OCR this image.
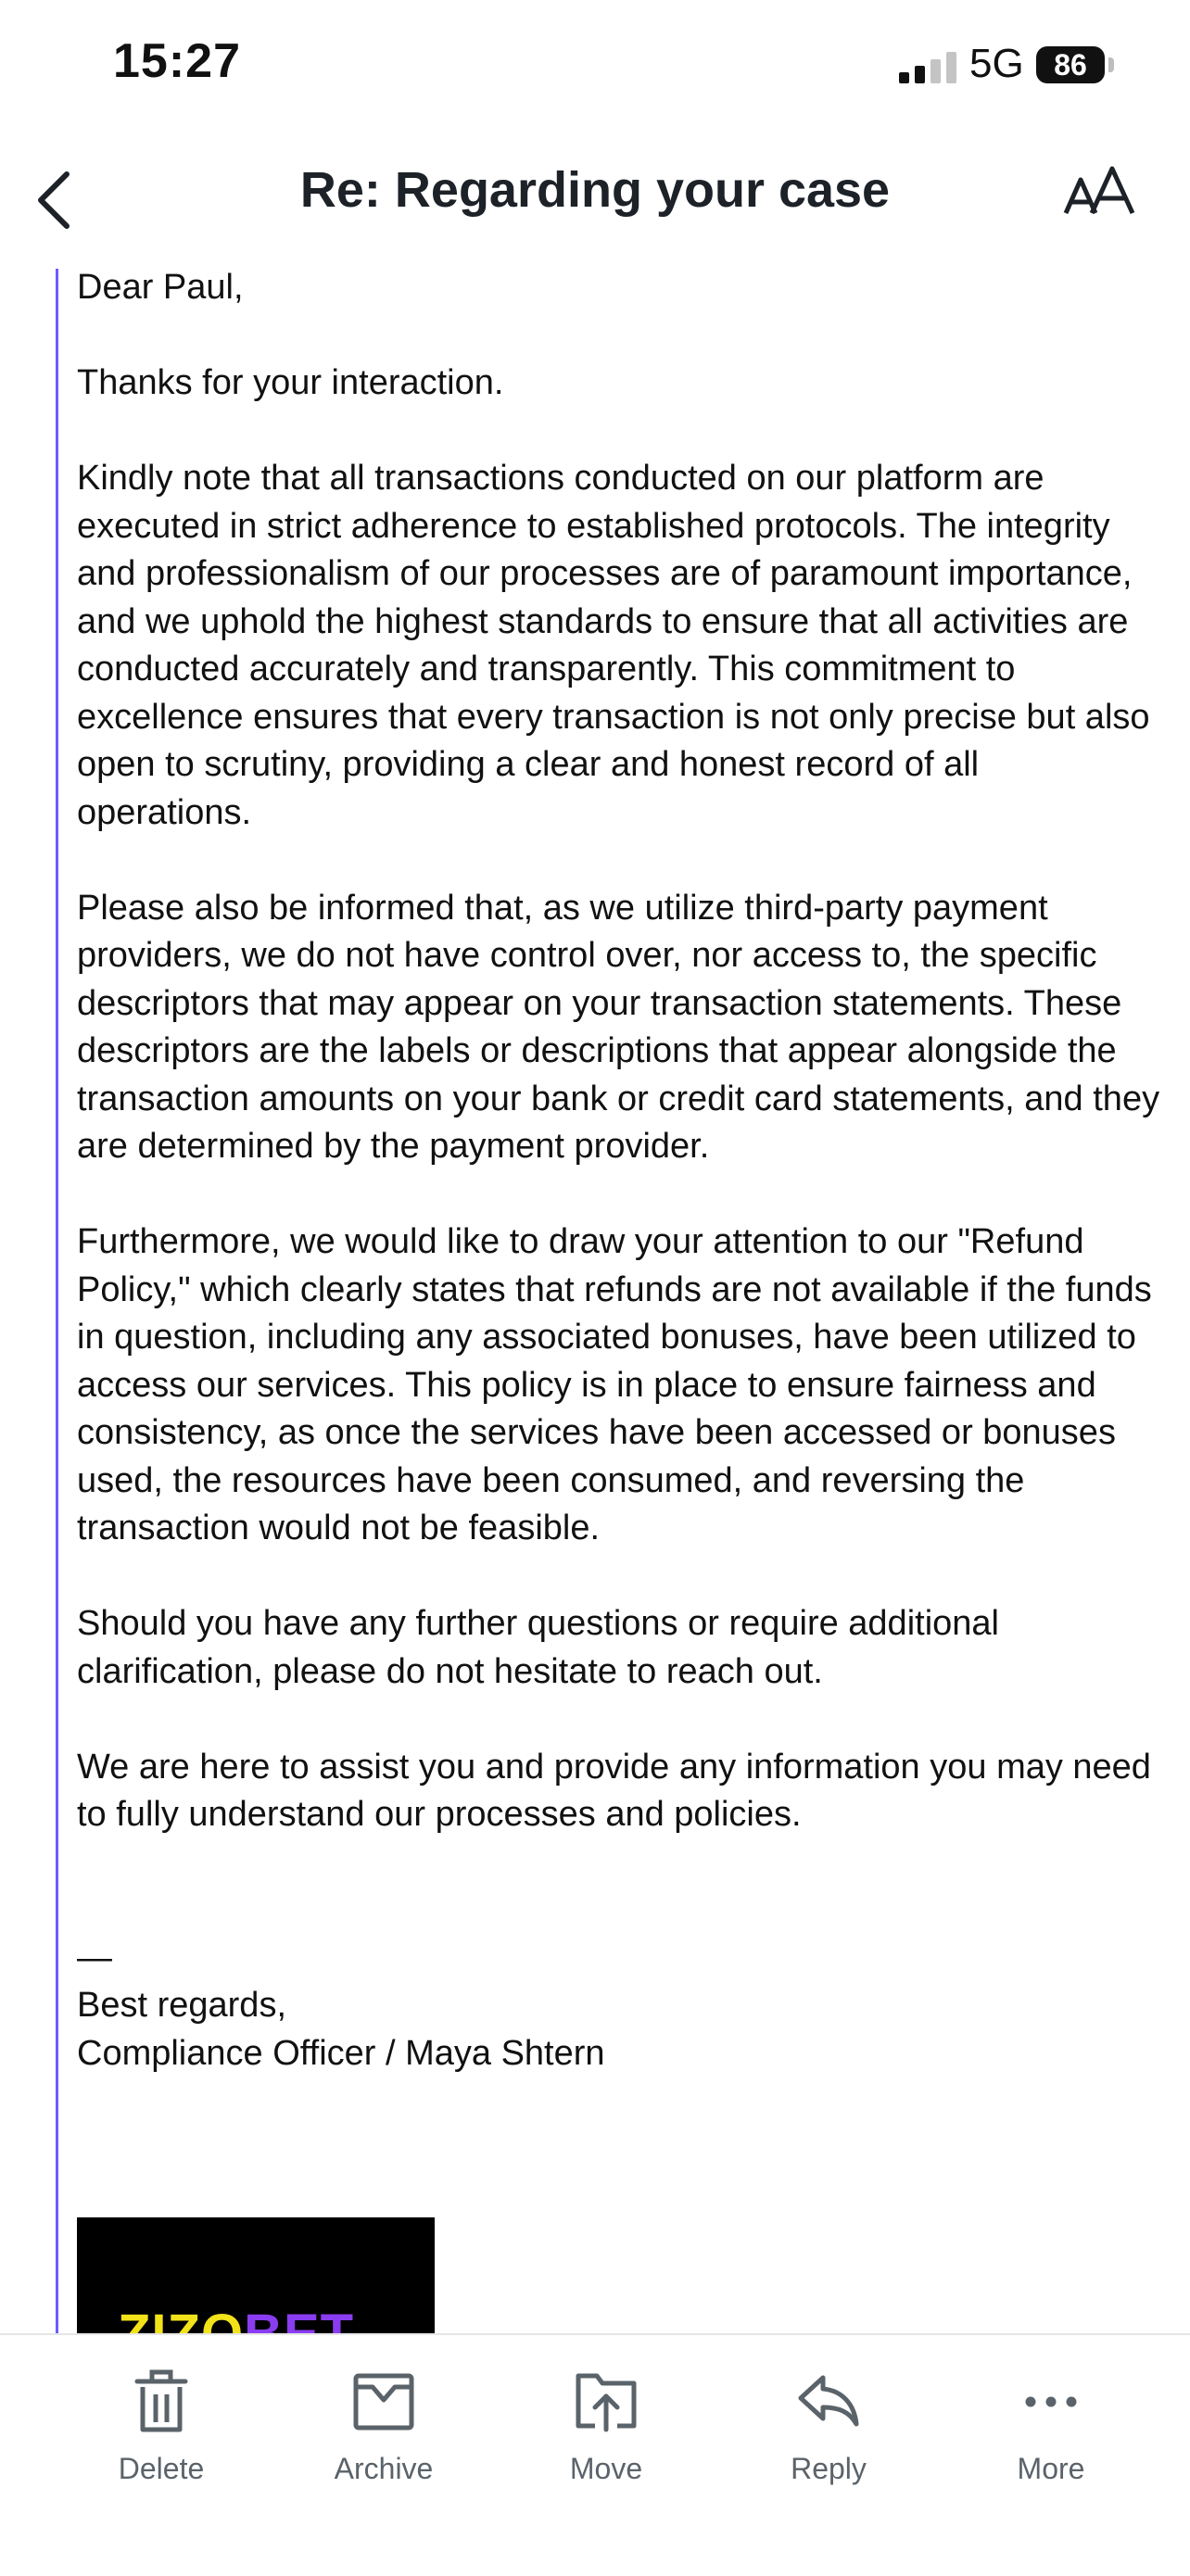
15:27	5G	86
Re: Regarding your case

Dear Paul,

Thanks for your interaction.

Kindly note that all transactions conducted on our platform are executed in strict adherence to established protocols. The integrity and professionalism of our processes are of paramount importance, and we uphold the highest standards to ensure that all activities are conducted accurately and transparently. This commitment to excellence ensures that every transaction is not only precise but also open to scrutiny, providing a clear and honest record of all operations.

Please also be informed that, as we utilize third-party payment providers, we do not have control over, nor access to, the specific descriptors that may appear on your transaction statements. These descriptors are the labels or descriptions that appear alongside the transaction amounts on your bank or credit card statements, and they are determined by the payment provider.

Furthermore, we would like to draw your attention to our "Refund Policy," which clearly states that refunds are not available if the funds in question, including any associated bonuses, have been utilized to access our services. This policy is in place to ensure fairness and consistency, as once the services have been accessed or bonuses used, the resources have been consumed, and reversing the transaction would not be feasible.

Should you have any further questions or require additional clarification, please do not hesitate to reach out.

We are here to assist you and provide any information you may need to fully understand our processes and policies.

—
Best regards,
Compliance Officer / Maya Shtern
Delete	Archive	Move	Reply	More
